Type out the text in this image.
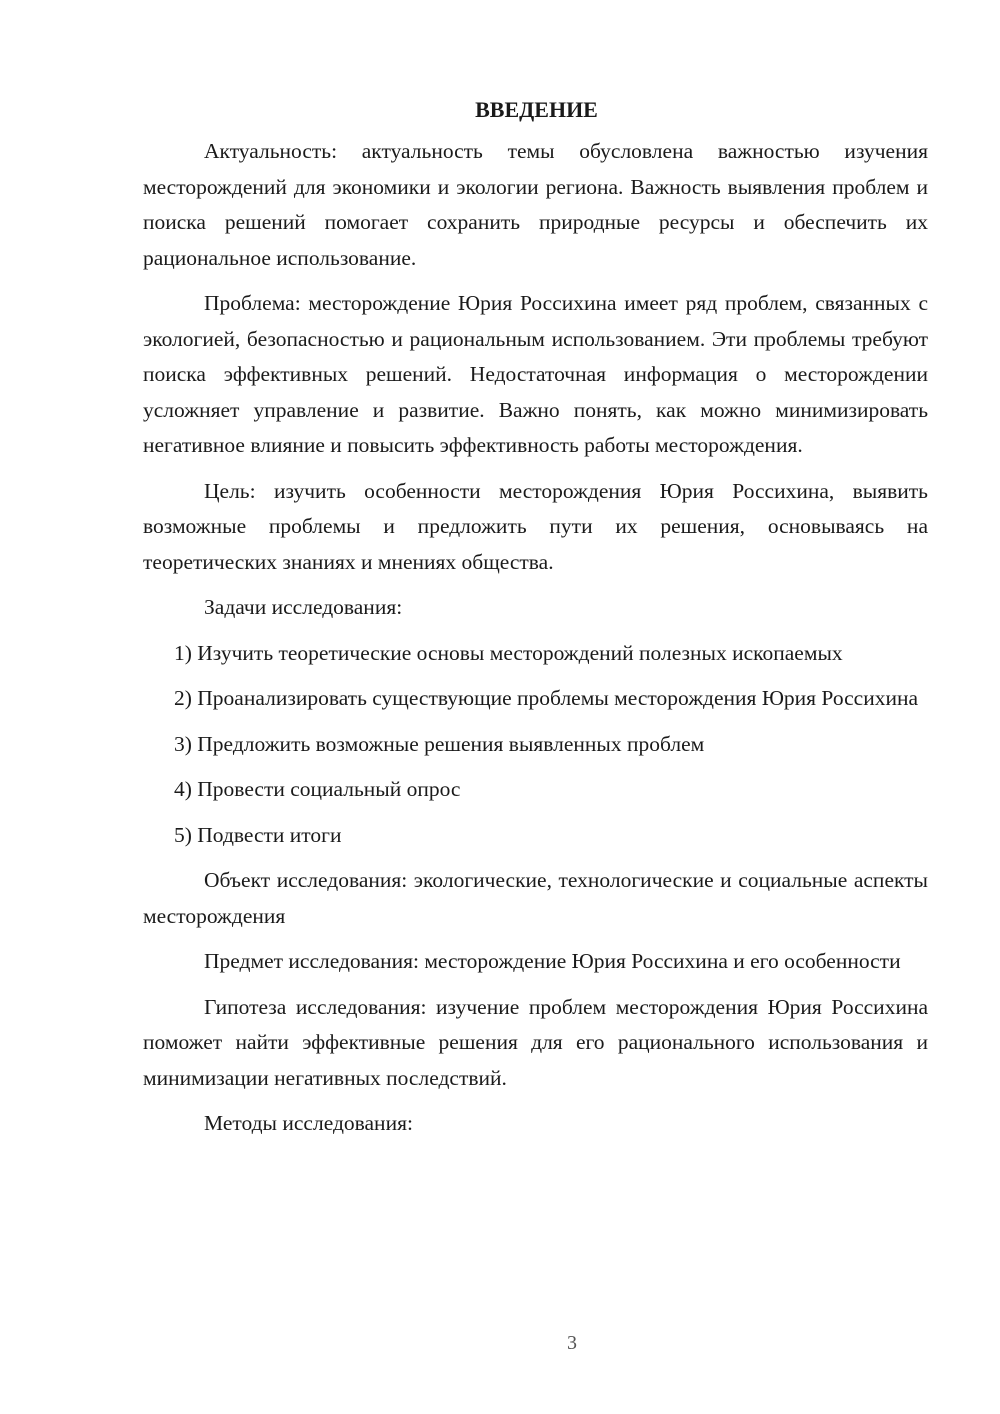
ВВЕДЕНИЕ

Актуальность: актуальность темы обусловлена важностью изучения месторождений для экономики и экологии региона. Важность выявления проблем и поиска решений помогает сохранить природные ресурсы и обеспечить их рациональное использование.

Проблема: месторождение Юрия Россихина имеет ряд проблем, связанных с экологией, безопасностью и рациональным использованием. Эти проблемы требуют поиска эффективных решений. Недостаточная информация о месторождении усложняет управление и развитие. Важно понять, как можно минимизировать негативное влияние и повысить эффективность работы месторождения.

Цель: изучить особенности месторождения Юрия Россихина, выявить возможные проблемы и предложить пути их решения, основываясь на теоретических знаниях и мнениях общества.

Задачи исследования:

1) Изучить теоретические основы месторождений полезных ископаемых

2) Проанализировать существующие проблемы месторождения Юрия Россихина

3) Предложить возможные решения выявленных проблем

4) Провести социальный опрос

5) Подвести итоги

Объект исследования: экологические, технологические и социальные аспекты месторождения

Предмет исследования: месторождение Юрия Россихина и его особенности

Гипотеза исследования: изучение проблем месторождения Юрия Россихина поможет найти эффективные решения для его рационального использования и минимизации негативных последствий.

Методы исследования:

3
